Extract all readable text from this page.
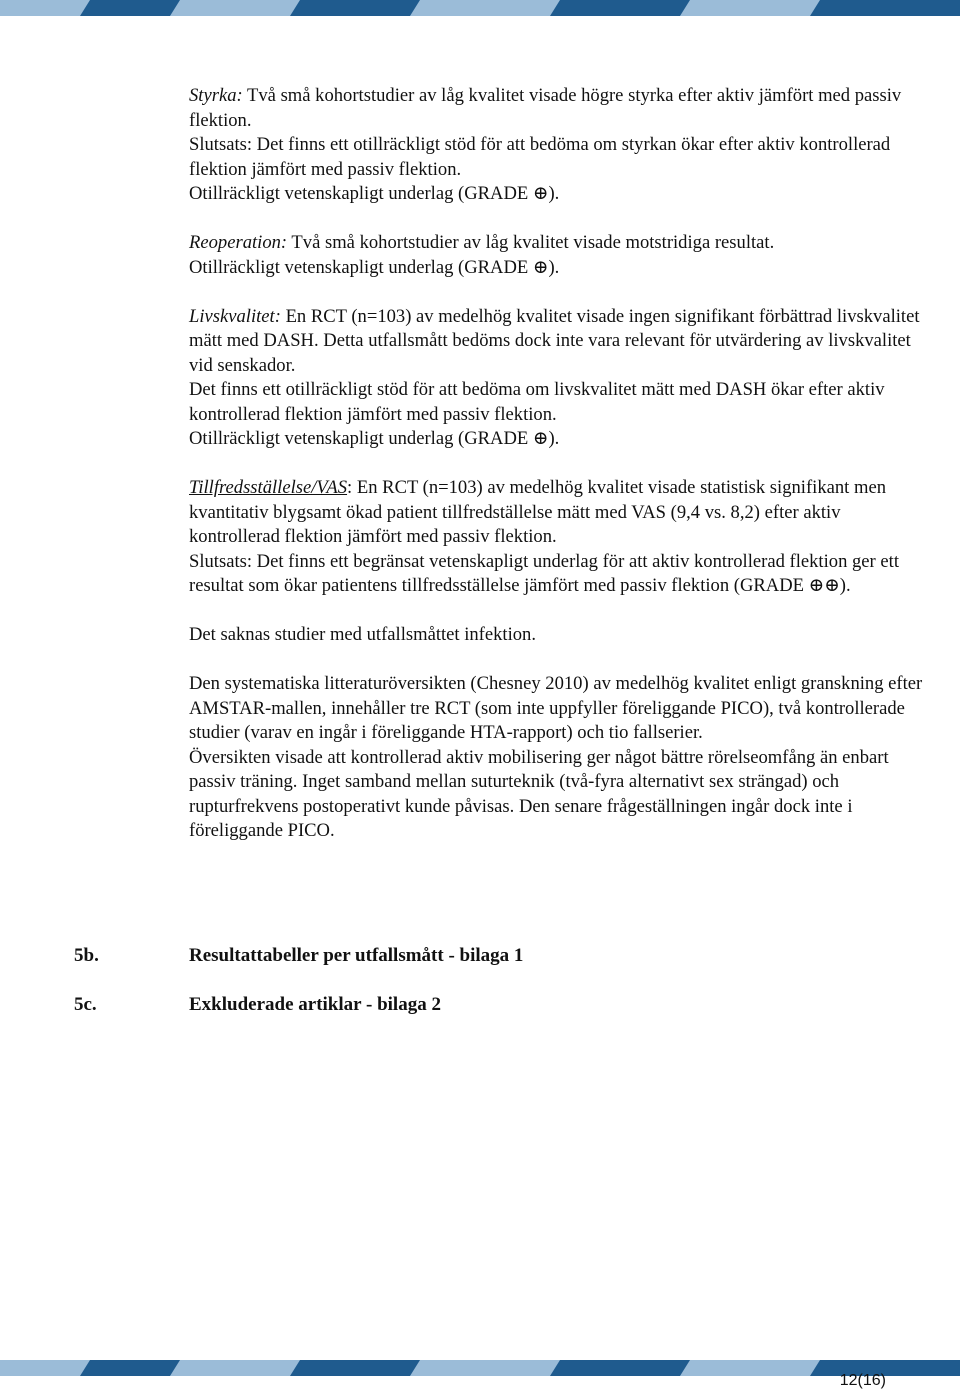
Styrka: Två små kohortstudier av låg kvalitet visade högre styrka efter aktiv jämfört med passiv flektion.

Slutsats: Det finns ett otillräckligt stöd för att bedöma om styrkan ökar efter aktiv kontrollerad flektion jämfört med passiv flektion.

Otillräckligt vetenskapligt underlag (GRADE ⊕).

Reoperation: Två små kohortstudier av låg kvalitet visade motstridiga resultat.

Otillräckligt vetenskapligt underlag (GRADE ⊕).

Livskvalitet: En RCT (n=103) av medelhög kvalitet visade ingen signifikant förbättrad livskvalitet mätt med DASH. Detta utfallsmått bedöms dock inte vara relevant för utvärdering av livskvalitet vid senskador.

Det finns ett otillräckligt stöd för att bedöma om livskvalitet mätt med DASH ökar efter aktiv kontrollerad flektion jämfört med passiv flektion.

Otillräckligt vetenskapligt underlag (GRADE ⊕).

Tillfredsställelse/VAS: En RCT (n=103) av medelhög kvalitet visade statistisk signifikant men kvantitativ blygsamt ökad patient tillfredställelse mätt med VAS (9,4 vs. 8,2) efter aktiv kontrollerad flektion jämfört med passiv flektion.

Slutsats: Det finns ett begränsat vetenskapligt underlag för att aktiv kontrollerad flektion ger ett resultat som ökar patientens tillfredsställelse jämfört med passiv flektion (GRADE ⊕⊕).

Det saknas studier med utfallsmåttet infektion.

Den systematiska litteraturöversikten (Chesney 2010) av medelhög kvalitet enligt granskning efter AMSTAR-mallen, innehåller tre RCT (som inte uppfyller föreliggande PICO), två kontrollerade studier (varav en ingår i föreliggande HTA-rapport) och tio fallserier.

Översikten visade att kontrollerad aktiv mobilisering ger något bättre rörelseomfång än enbart passiv träning. Inget samband mellan suturteknik (två-fyra alternativt sex strängad) och rupturfrekvens postoperativt kunde påvisas. Den senare frågeställningen ingår dock inte i föreliggande PICO.

5b.	Resultattabeller per utfallsmått - bilaga 1
5c.	Exkluderade artiklar - bilaga 2
12(16)
